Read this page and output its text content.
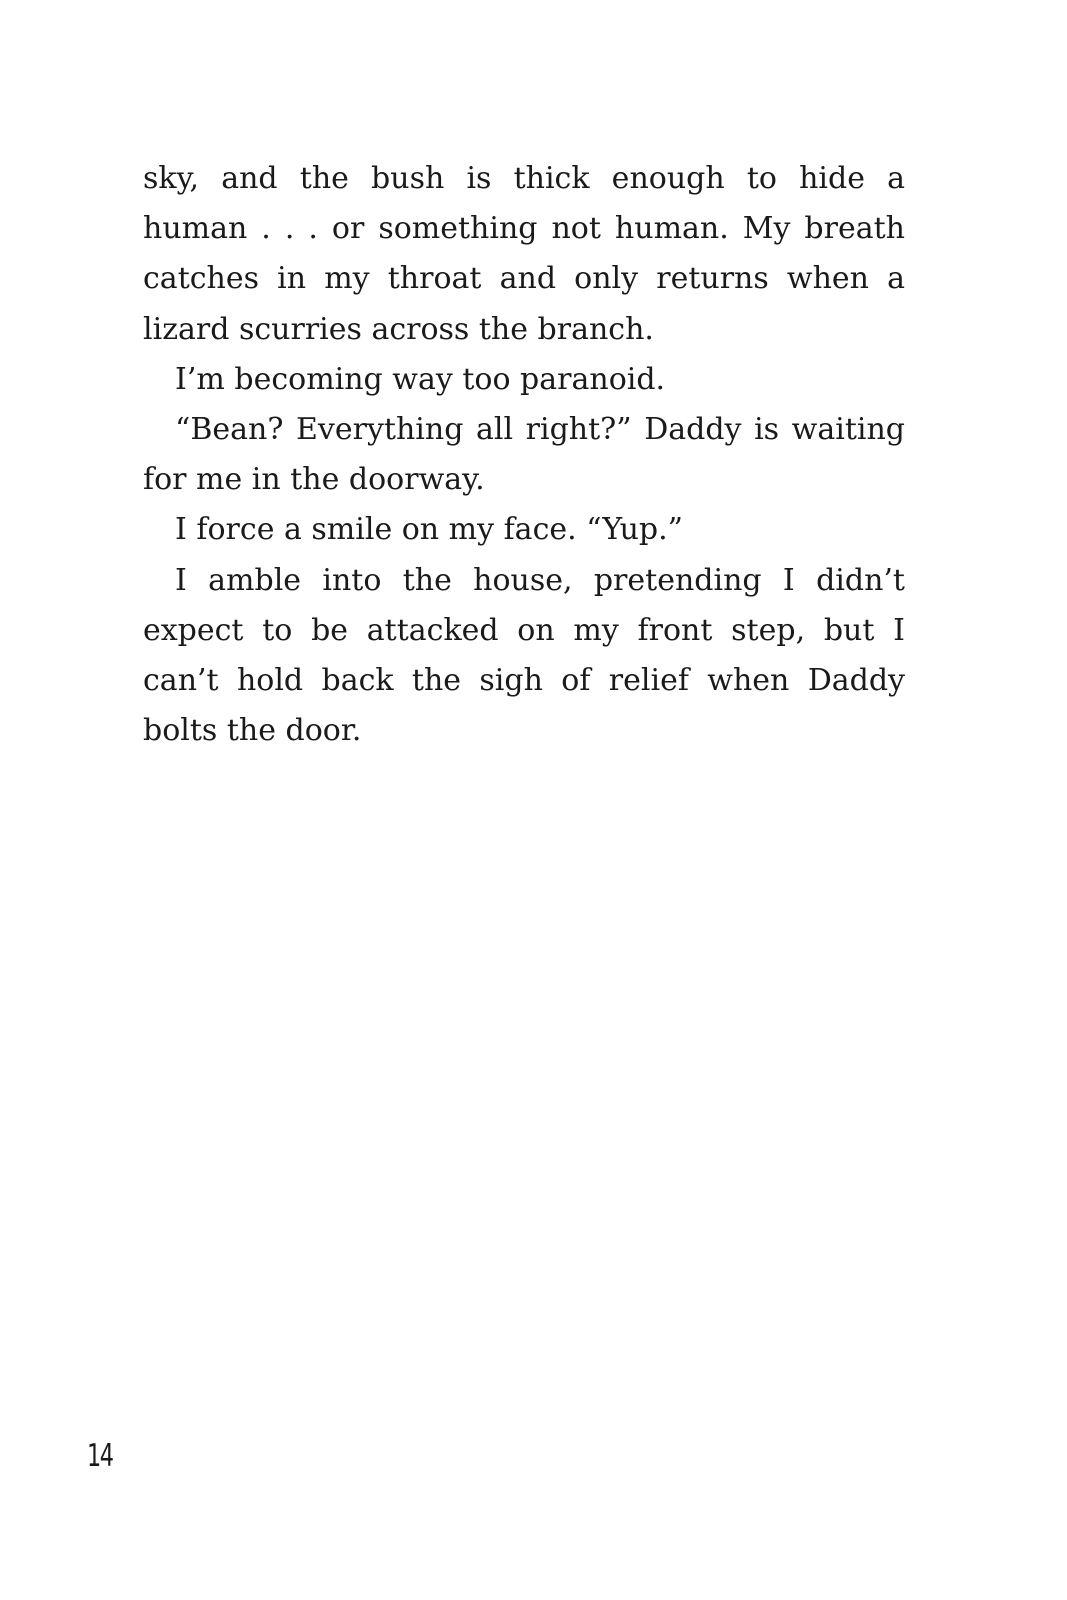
sky, and the bush is thick enough to hide a human . . . or something not human. My breath catches in my throat and only returns when a lizard scurries across the branch.

I’m becoming way too paranoid.

“Bean? Everything all right?” Daddy is waiting for me in the doorway.

I force a smile on my face. “Yup.”

I amble into the house, pretending I didn’t expect to be attacked on my front step, but I can’t hold back the sigh of relief when Daddy bolts the door.

14
